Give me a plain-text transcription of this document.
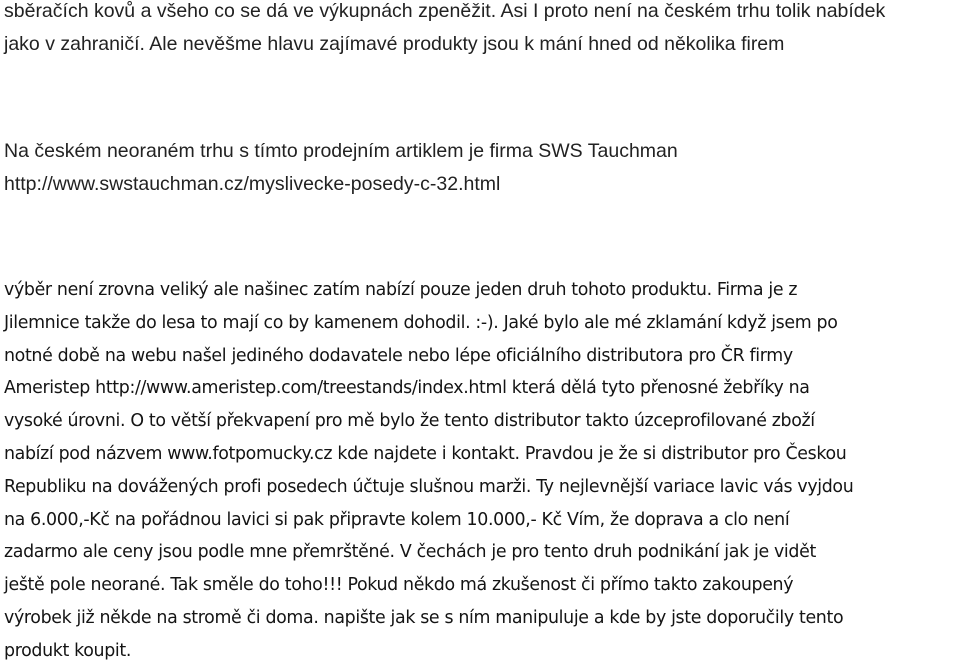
sběračích kovů a všeho co se dá ve výkupnách zpeněžit. Asi I proto není na českém trhu tolik nabídek
jako v zahraničí. Ale nevěšme hlavu zajímavé produkty jsou k mání hned od několika firem
Na českém neoraném trhu s tímto prodejním artiklem je firma SWS Tauchman
http://www.swstauchman.cz/myslivecke-posedy-c-32.html
výběr není zrovna veliký ale našinec zatím nabízí pouze jeden druh tohoto produktu. Firma je z
Jilemnice takže do lesa to mají co by kamenem dohodil. :-). Jaké bylo ale mé zklamání když jsem po
notné době na webu našel jediného dodavatele nebo lépe oficiálního distributora pro ČR firmy
Ameristep http://www.ameristep.com/treestands/index.html která dělá tyto přenosné žebříky na
vysoké úrovni. O to větší překvapení pro mě bylo že tento distributor takto úzceprofilované zboží
nabízí pod názvem www.fotpomucky.cz kde najdete i kontakt. Pravdou je že si distributor pro Českou
Republiku na dovážených profi posedech účtuje slušnou marži. Ty nejlevnější variace lavic vás vyjdou
na 6.000,-Kč na pořádnou lavici si pak připravte kolem 10.000,- Kč Vím, že doprava a clo není
zadarmo ale ceny jsou podle mne přemrštěné. V čechách je pro tento druh podnikání jak je vidět
ještě pole neorané. Tak směle do toho!!! Pokud někdo má zkušenost či přímo takto zakoupený
výrobek již někde na stromě či doma. napište jak se s ním manipuluje a kde by jste doporučily tento
produkt koupit.
